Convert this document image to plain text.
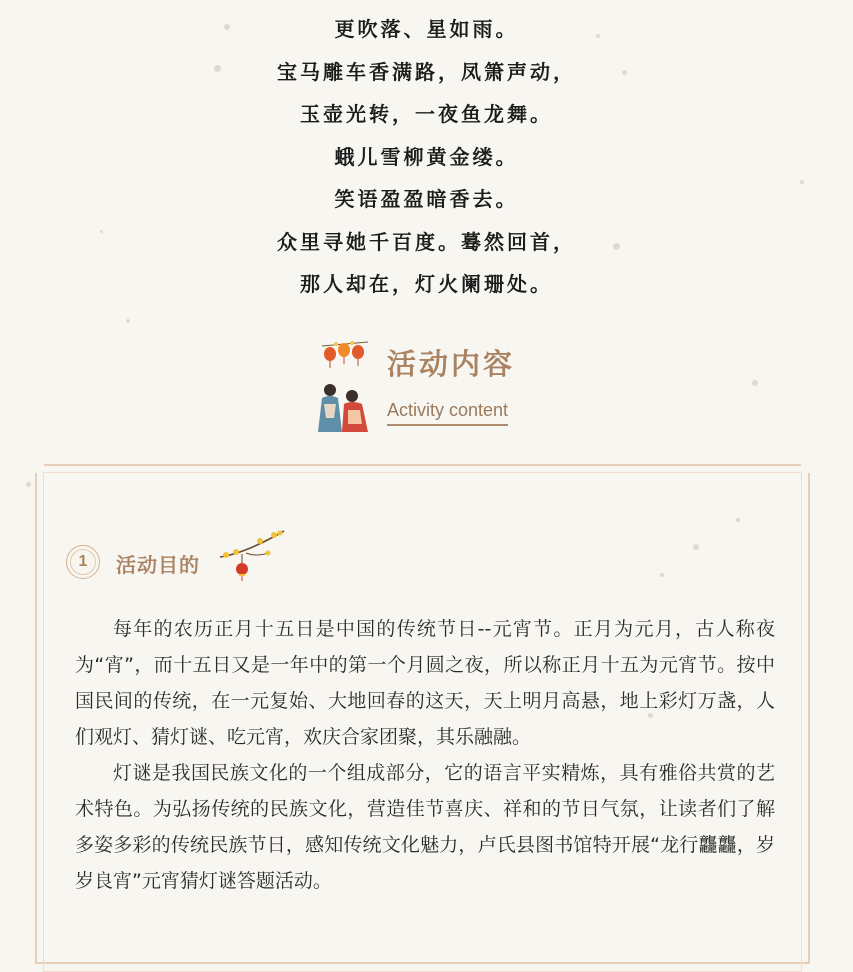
更吹落、星如雨。
宝马雕车香满路，凤箫声动，
玉壶光转，一夜鱼龙舞。
蛾儿雪柳黄金缕。
笑语盈盈暗香去。
众里寻她千百度。蓦然回首，
那人却在，灯火阑珊处。
活动内容
Activity content
1	活动目的

每年的农历正月十五日是中国的传统节日--元宵节。正月为元月，古人称夜为“宵”，而十五日又是一年中的第一个月圆之夜，所以称正月十五为元宵节。按中国民间的传统，在一元复始、大地回春的这天，天上明月高悬，地上彩灯万盏，人们观灯、猜灯谜、吃元宵，欢庆合家团聚，其乐融融。

灯谜是我国民族文化的一个组成部分，它的语言平实精炼，具有雅俗共赏的艺术特色。为弘扬传统的民族文化，营造佳节喜庆、祥和的节日气氛，让读者们了解多姿多彩的传统民族节日，感知传统文化魅力，卢氏县图书馆特开展“龙行龘龘，岁岁良宵”元宵猜灯谜答题活动。
